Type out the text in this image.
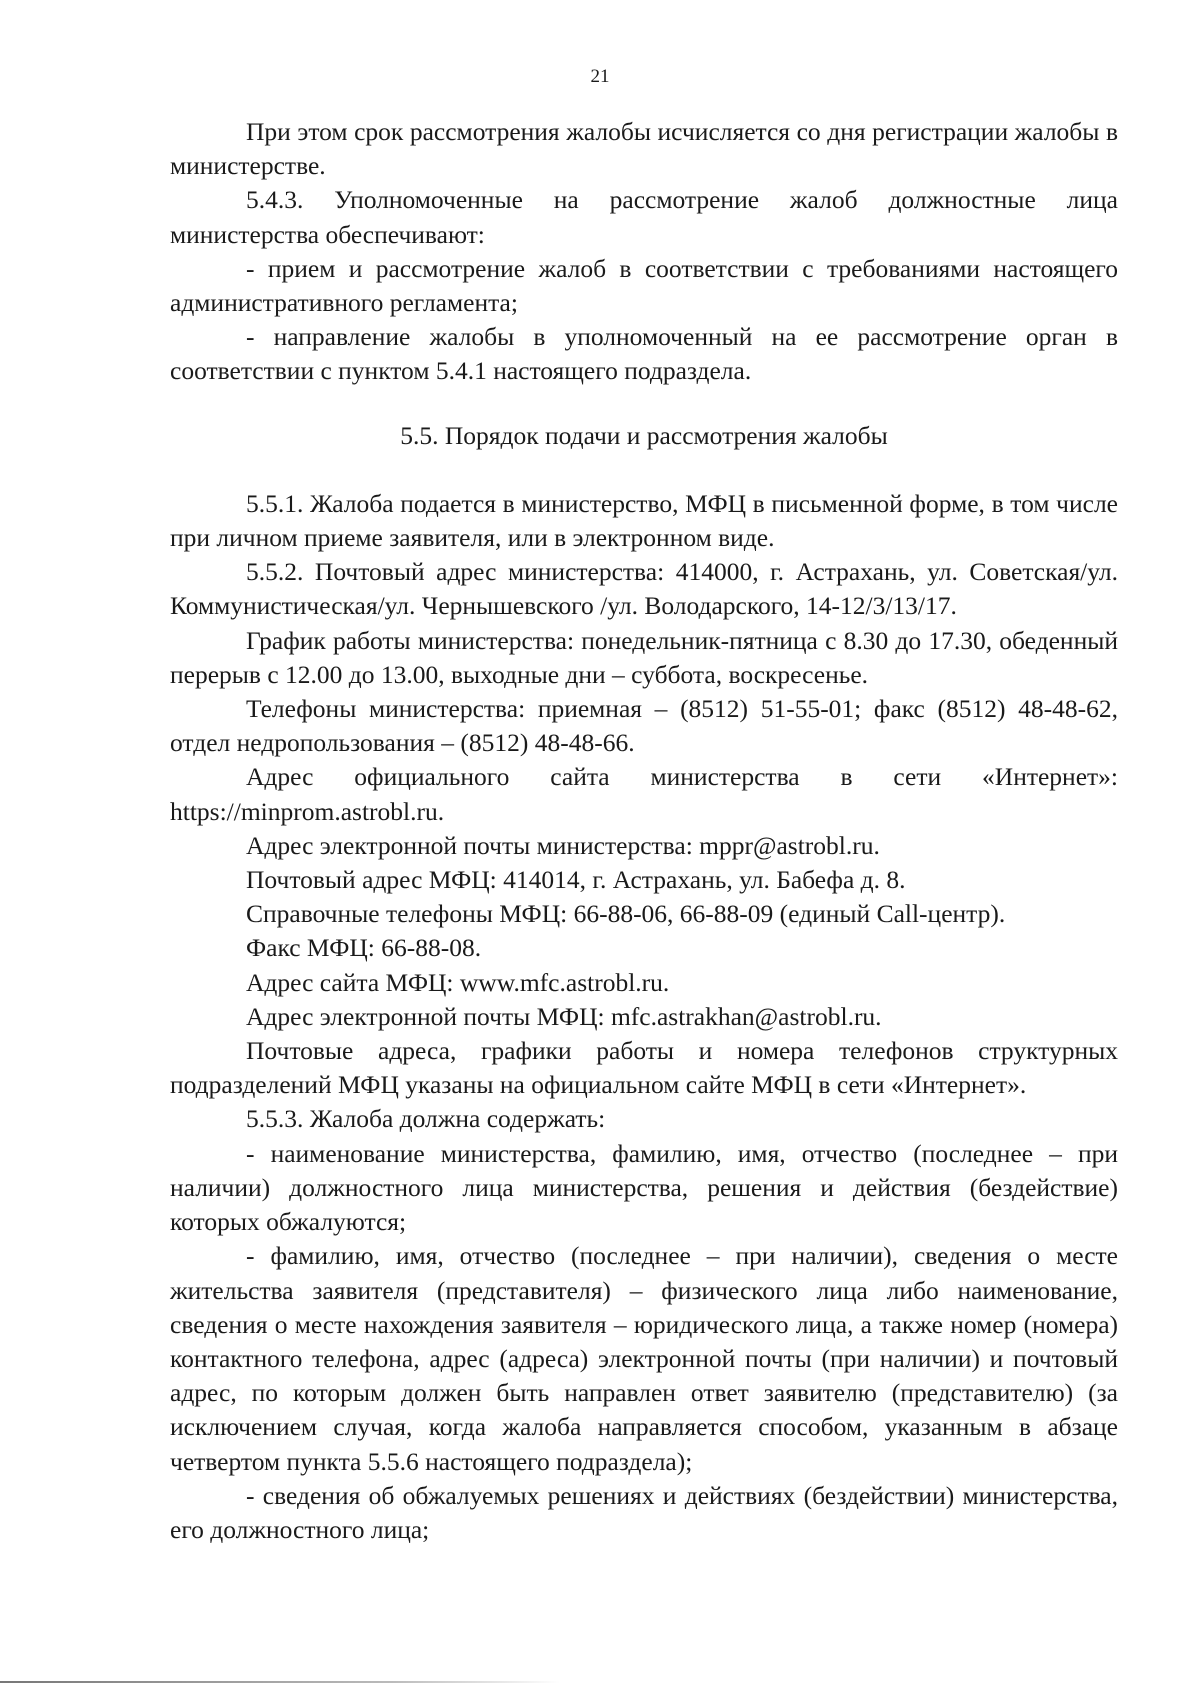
21

При этом срок рассмотрения жалобы исчисляется со дня регистрации жалобы в министерстве.

5.4.3. Уполномоченные на рассмотрение жалоб должностные лица министерства обеспечивают:

- прием и рассмотрение жалоб в соответствии с требованиями настоящего административного регламента;

- направление жалобы в уполномоченный на ее рассмотрение орган в соответствии с пунктом 5.4.1 настоящего подраздела.

5.5. Порядок подачи и рассмотрения жалобы

5.5.1. Жалоба подается в министерство, МФЦ в письменной форме, в том числе при личном приеме заявителя, или в электронном виде.

5.5.2. Почтовый адрес министерства: 414000, г. Астрахань, ул. Советская/ул. Коммунистическая/ул. Чернышевского /ул. Володарского, 14-12/3/13/17.

График работы министерства: понедельник-пятница с 8.30 до 17.30, обеденный перерыв с 12.00 до 13.00, выходные дни – суббота, воскресенье.

Телефоны министерства: приемная – (8512) 51-55-01; факс (8512) 48-48-62, отдел недропользования – (8512) 48-48-66.

Адрес официального сайта министерства в сети «Интернет»: https://minprom.astrobl.ru.

Адрес электронной почты министерства: mppr@astrobl.ru.

Почтовый адрес МФЦ: 414014, г. Астрахань, ул. Бабефа д. 8.

Справочные телефоны МФЦ: 66-88-06, 66-88-09 (единый Call-центр).

Факс МФЦ: 66-88-08.

Адрес сайта МФЦ: www.mfc.astrobl.ru.

Адрес электронной почты МФЦ: mfc.astrakhan@astrobl.ru.

Почтовые адреса, графики работы и номера телефонов структурных подразделений МФЦ указаны на официальном сайте МФЦ в сети «Интернет».

5.5.3. Жалоба должна содержать:

- наименование министерства, фамилию, имя, отчество (последнее – при наличии) должностного лица министерства, решения и действия (бездействие) которых обжалуются;

- фамилию, имя, отчество (последнее – при наличии), сведения о месте жительства заявителя (представителя) – физического лица либо наименование, сведения о месте нахождения заявителя – юридического лица, а также номер (номера) контактного телефона, адрес (адреса) электронной почты (при наличии) и почтовый адрес, по которым должен быть направлен ответ заявителю (представителю) (за исключением случая, когда жалоба направляется способом, указанным в абзаце четвертом пункта 5.5.6 настоящего подраздела);

- сведения об обжалуемых решениях и действиях (бездействии) министерства, его должностного лица;
